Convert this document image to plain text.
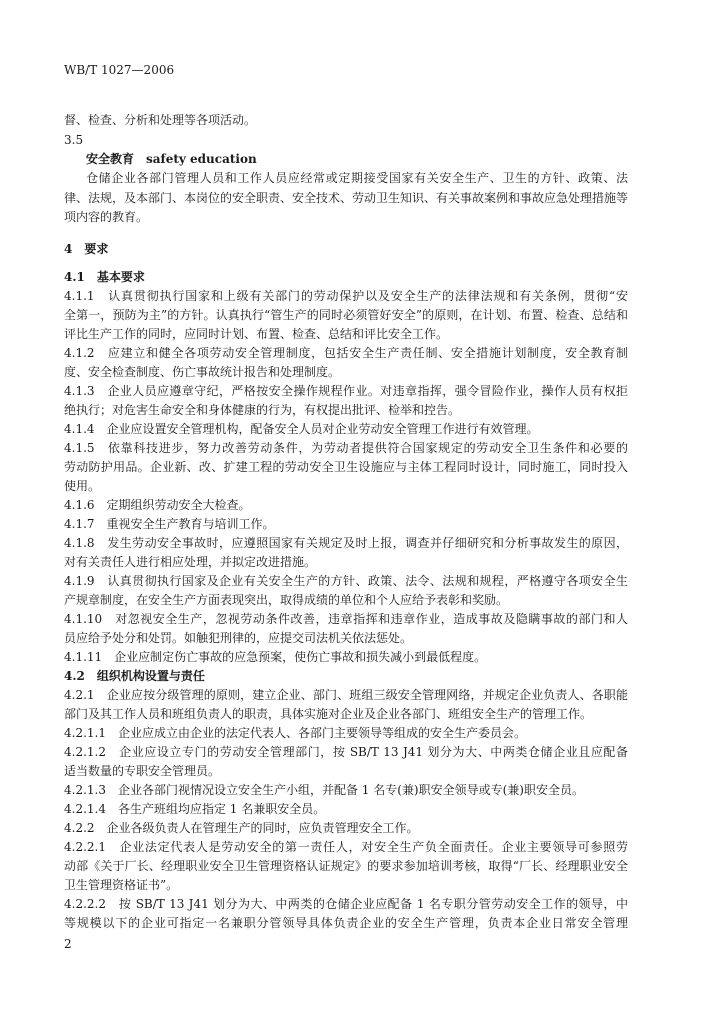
WB/T 1027—2006
督、检查、分析和处理等各项活动。
3.5
安全教育　safety education
仓储企业各部门管理人员和工作人员应经常或定期接受国家有关安全生产、卫生的方针、政策、法
律、法规，及本部门、本岗位的安全职责、安全技术、劳动卫生知识、有关事故案例和事故应急处理措施等
项内容的教育。
4　要求
4.1　基本要求
4.1.1　认真贯彻执行国家和上级有关部门的劳动保护以及安全生产的法律法规和有关条例，贯彻“安
全第一，预防为主”的方针。认真执行“管生产的同时必须管好安全”的原则，在计划、布置、检查、总结和
评比生产工作的同时，应同时计划、布置、检查、总结和评比安全工作。
4.1.2　应建立和健全各项劳动安全管理制度，包括安全生产责任制、安全措施计划制度，安全教育制
度、安全检查制度、伤亡事故统计报告和处理制度。
4.1.3　企业人员应遵章守纪，严格按安全操作规程作业。对违章指挥，强令冒险作业，操作人员有权拒
绝执行；对危害生命安全和身体健康的行为，有权提出批评、检举和控告。
4.1.4　企业应设置安全管理机构，配备安全人员对企业劳动安全管理工作进行有效管理。
4.1.5　依靠科技进步，努力改善劳动条件，为劳动者提供符合国家规定的劳动安全卫生条件和必要的
劳动防护用品。企业新、改、扩建工程的劳动安全卫生设施应与主体工程同时设计，同时施工，同时投入
使用。
4.1.6　定期组织劳动安全大检查。
4.1.7　重视安全生产教育与培训工作。
4.1.8　发生劳动安全事故时，应遵照国家有关规定及时上报，调查并仔细研究和分析事故发生的原因，
对有关责任人进行相应处理，并拟定改进措施。
4.1.9　认真贯彻执行国家及企业有关安全生产的方针、政策、法令、法规和规程，严格遵守各项安全生
产规章制度，在安全生产方面表现突出，取得成绩的单位和个人应给予表彰和奖励。
4.1.10　对忽视安全生产，忽视劳动条件改善，违章指挥和违章作业，造成事故及隐瞒事故的部门和人
员应给予处分和处罚。如触犯刑律的，应提交司法机关依法惩处。
4.1.11　企业应制定伤亡事故的应急预案，使伤亡事故和损失减小到最低程度。
4.2　组织机构设置与责任
4.2.1　企业应按分级管理的原则，建立企业、部门、班组三级安全管理网络，并规定企业负责人、各职能
部门及其工作人员和班组负责人的职责，具体实施对企业及企业各部门、班组安全生产的管理工作。
4.2.1.1　企业应成立由企业的法定代表人、各部门主要领导等组成的安全生产委员会。
4.2.1.2　企业应设立专门的劳动安全管理部门，按 SB/T 13 J41 划分为大、中两类仓储企业且应配备
适当数量的专职安全管理员。
4.2.1.3　企业各部门视情况设立安全生产小组，并配备 1 名专(兼)职安全领导或专(兼)职安全员。
4.2.1.4　各生产班组均应指定 1 名兼职安全员。
4.2.2　企业各级负责人在管理生产的同时，应负责管理安全工作。
4.2.2.1　企业法定代表人是劳动安全的第一责任人，对安全生产负全面责任。企业主要领导可参照劳
动部《关于厂长、经理职业安全卫生管理资格认证规定》的要求参加培训考核，取得“厂长、经理职业安全
卫生管理资格证书”。
4.2.2.2　按 SB/T 13 J41 划分为大、中两类的仓储企业应配备 1 名专职分管劳动安全工作的领导，中
等规模以下的企业可指定一名兼职分管领导具体负责企业的安全生产管理，负责本企业日常安全管理
2
